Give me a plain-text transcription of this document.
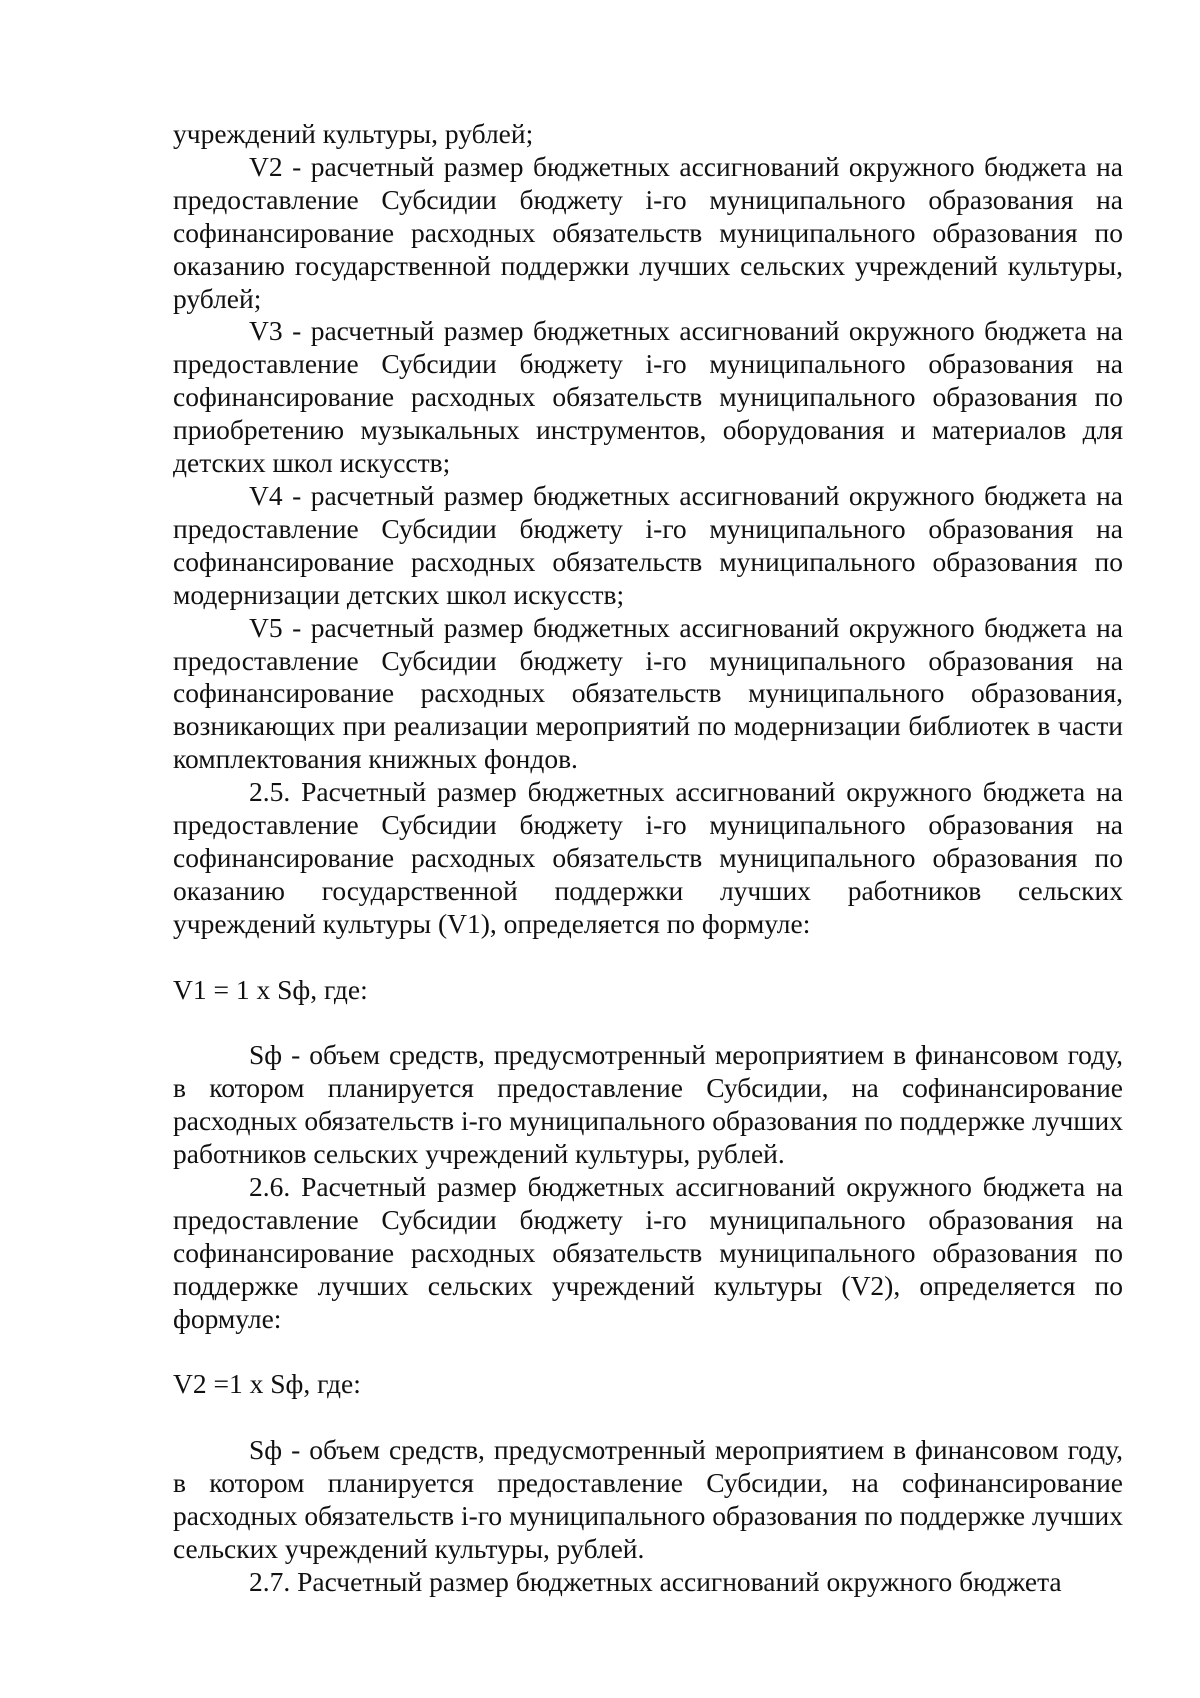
учреждений культуры, рублей;

V2 - расчетный размер бюджетных ассигнований окружного бюджета на предоставление Субсидии бюджету i-го муниципального образования на софинансирование расходных обязательств муниципального образования по оказанию государственной поддержки лучших сельских учреждений культуры, рублей;

V3 - расчетный размер бюджетных ассигнований окружного бюджета на предоставление Субсидии бюджету i-го муниципального образования на софинансирование расходных обязательств муниципального образования по приобретению музыкальных инструментов, оборудования и материалов для детских школ искусств;

V4 - расчетный размер бюджетных ассигнований окружного бюджета на предоставление Субсидии бюджету i-го муниципального образования на софинансирование расходных обязательств муниципального образования по модернизации детских школ искусств;

V5 - расчетный размер бюджетных ассигнований окружного бюджета на предоставление Субсидии бюджету i-го муниципального образования на софинансирование расходных обязательств муниципального образования, возникающих при реализации мероприятий по модернизации библиотек в части комплектования книжных фондов.

2.5. Расчетный размер бюджетных ассигнований окружного бюджета на предоставление Субсидии бюджету i-го муниципального образования на софинансирование расходных обязательств муниципального образования по оказанию государственной поддержки лучших работников сельских учреждений культуры (V1), определяется по формуле:

V1 = 1 x Sф, где:

Sф - объем средств, предусмотренный мероприятием в финансовом году, в котором планируется предоставление Субсидии, на софинансирование расходных обязательств i-го муниципального образования по поддержке лучших работников сельских учреждений культуры, рублей.

2.6. Расчетный размер бюджетных ассигнований окружного бюджета на предоставление Субсидии бюджету i-го муниципального образования на софинансирование расходных обязательств муниципального образования по поддержке лучших сельских учреждений культуры (V2), определяется по формуле:

V2 =1 x Sф, где:

Sф - объем средств, предусмотренный мероприятием в финансовом году, в котором планируется предоставление Субсидии, на софинансирование расходных обязательств i-го муниципального образования по поддержке лучших сельских учреждений культуры, рублей.

2.7. Расчетный размер бюджетных ассигнований окружного бюджета
